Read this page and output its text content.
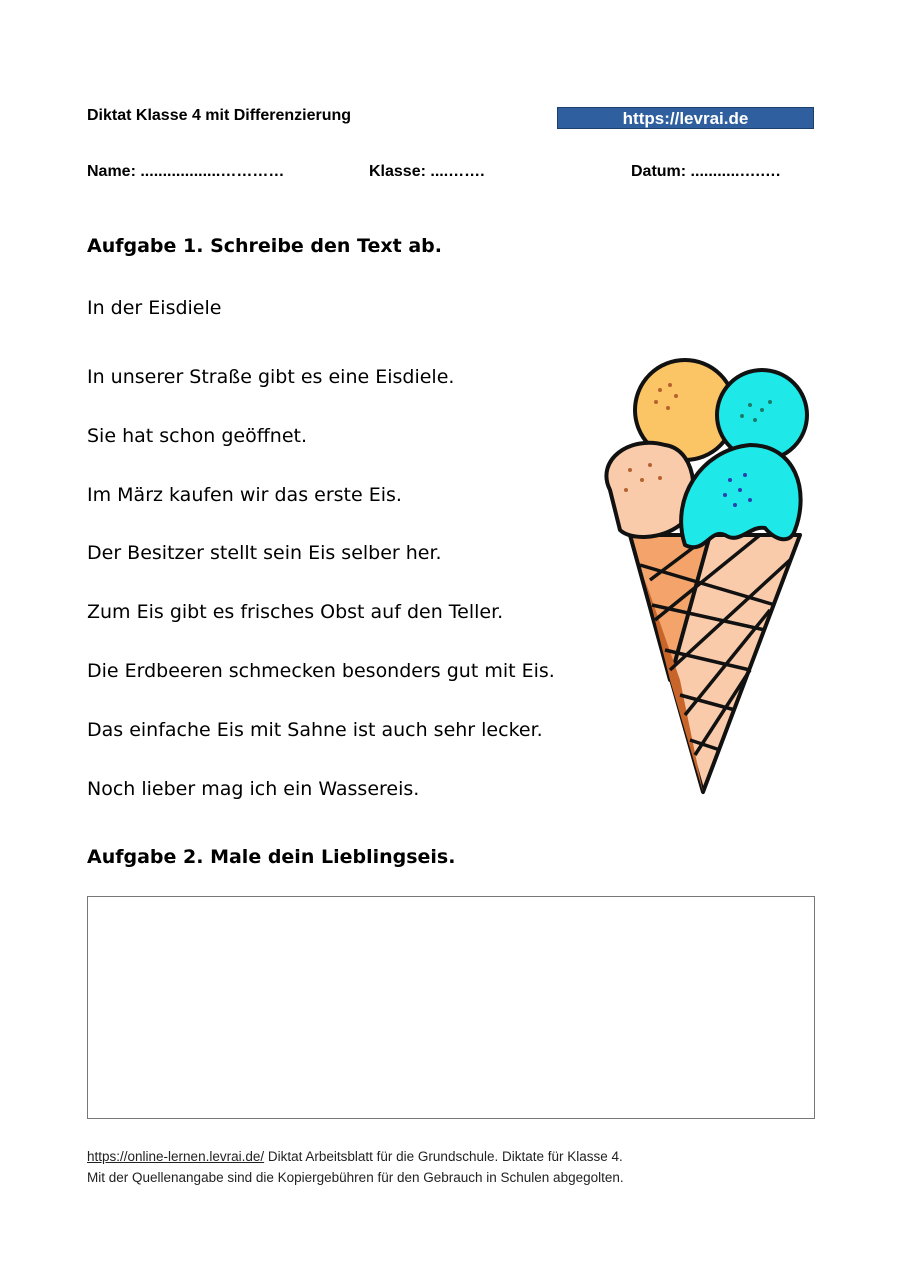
Diktat Klasse 4 mit Differenzierung	https://levrai.de
Name: ..................…………	Klasse: ....…….	Datum: ...........….….
Aufgabe 1. Schreibe den Text ab.
In der Eisdiele
In unserer Straße gibt es eine Eisdiele.
Sie hat schon geöffnet.
Im März kaufen wir das erste Eis.
Der Besitzer stellt sein Eis selber her.
Zum Eis gibt es frisches Obst auf den Teller.
Die Erdbeeren schmecken besonders gut mit Eis.
Das einfache Eis mit Sahne ist auch sehr lecker.
Noch lieber mag ich ein Wassereis.
Aufgabe 2. Male dein Lieblingseis.
https://online-lernen.levrai.de/ Diktat Arbeitsblatt für die Grundschule. Diktate für Klasse 4.
Mit der Quellenangabe sind die Kopiergebühren für den Gebrauch in Schulen abgegolten.
